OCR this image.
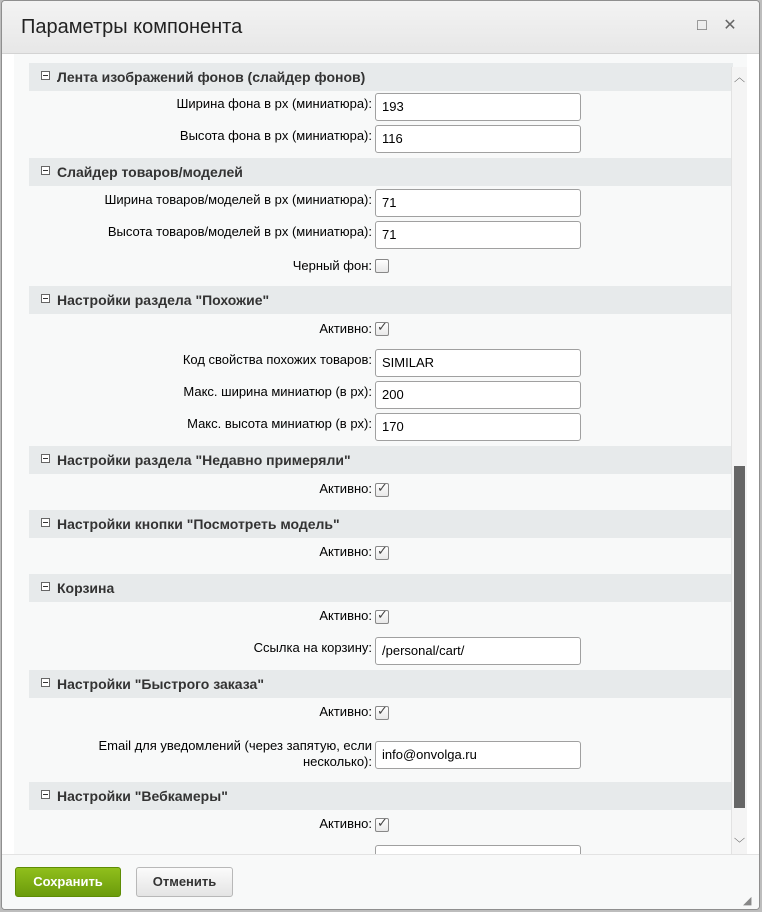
Параметры компонента	□ ✕
Лента изображений фонов (слайдер фонов)
Ширина фона в px (миниатюра): 193
Высота фона в px (миниатюра): 116
Слайдер товаров/моделей
Ширина товаров/моделей в px (миниатюра): 71
Высота товаров/моделей в px (миниатюра): 71
Черный фон:
Настройки раздела "Похожие"
Активно:
✓
Код свойства похожих товаров: SIMILAR
Макс. ширина миниатюр (в px): 200
Макс. высота миниатюр (в px): 170
Настройки раздела "Недавно примеряли"
Активно:
✓
Настройки кнопки "Посмотреть модель"
Активно:
✓
Корзина
Активно:
✓
Ссылка на корзину: /personal/cart/
Настройки "Быстрого заказа"
Активно:
✓
Email для уведомлений (через запятую, если
несколько): info@onvolga.ru
Настройки "Вебкамеры"
Активно:
✓
︿
﹀
Сохранить	Отменить
◢
